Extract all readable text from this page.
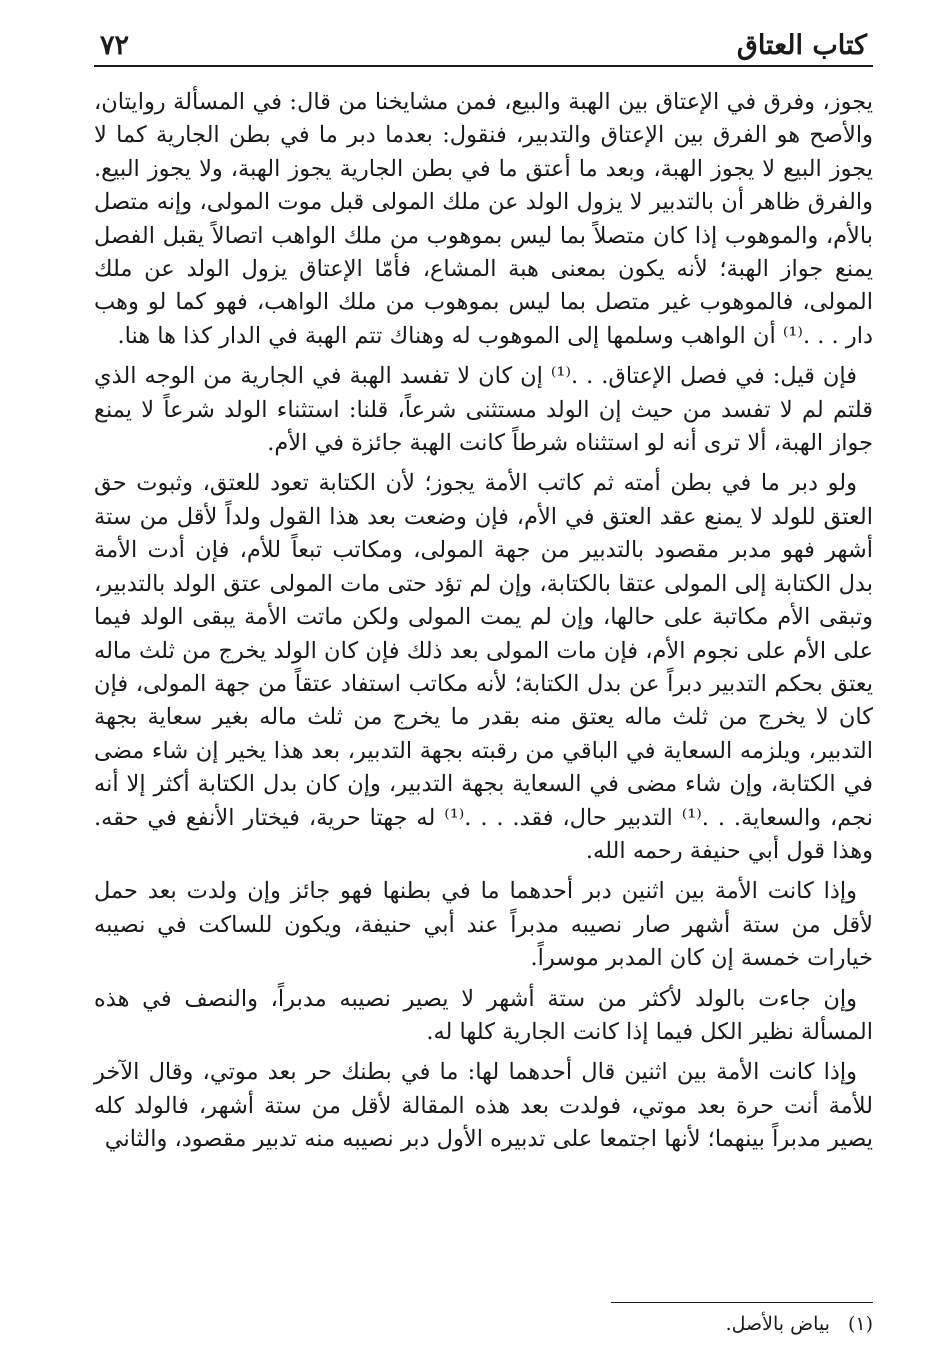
٧٢	كتاب العتاق

يجوز، وفرق في الإعتاق بين الهبة والبيع، فمن مشايخنا من قال: في المسألة روايتان، والأصح هو الفرق بين الإعتاق والتدبير، فنقول: بعدما دبر ما في بطن الجارية كما لا يجوز البيع لا يجوز الهبة، وبعد ما أعتق ما في بطن الجارية يجوز الهبة، ولا يجوز البيع. والفرق ظاهر أن بالتدبير لا يزول الولد عن ملك المولى قبل موت المولى، وإنه متصل بالأم، والموهوب إذا كان متصلاً بما ليس بموهوب من ملك الواهب اتصالاً يقبل الفصل يمنع جواز الهبة؛ لأنه يكون بمعنى هبة المشاع، فأمّا الإعتاق يزول الولد عن ملك المولى، فالموهوب غير متصل بما ليس بموهوب من ملك الواهب، فهو كما لو وهب دار . . .⁽¹⁾ أن الواهب وسلمها إلى الموهوب له وهناك تتم الهبة في الدار كذا ها هنا.

فإن قيل: في فصل الإعتاق. . .⁽¹⁾ إن كان لا تفسد الهبة في الجارية من الوجه الذي قلتم لم لا تفسد من حيث إن الولد مستثنى شرعاً، قلنا: استثناء الولد شرعاً لا يمنع جواز الهبة، ألا ترى أنه لو استثناه شرطاً كانت الهبة جائزة في الأم.

ولو دبر ما في بطن أمته ثم كاتب الأمة يجوز؛ لأن الكتابة تعود للعتق، وثبوت حق العتق للولد لا يمنع عقد العتق في الأم، فإن وضعت بعد هذا القول ولداً لأقل من ستة أشهر فهو مدبر مقصود بالتدبير من جهة المولى، ومكاتب تبعاً للأم، فإن أدت الأمة بدل الكتابة إلى المولى عتقا بالكتابة، وإن لم تؤد حتى مات المولى عتق الولد بالتدبير، وتبقى الأم مكاتبة على حالها، وإن لم يمت المولى ولكن ماتت الأمة يبقى الولد فيما على الأم على نجوم الأم، فإن مات المولى بعد ذلك فإن كان الولد يخرج من ثلث ماله يعتق بحكم التدبير دبراً عن بدل الكتابة؛ لأنه مكاتب استفاد عتقاً من جهة المولى، فإن كان لا يخرج من ثلث ماله يعتق منه بقدر ما يخرج من ثلث ماله بغير سعاية بجهة التدبير، ويلزمه السعاية في الباقي من رقبته بجهة التدبير، بعد هذا يخير إن شاء مضى في الكتابة، وإن شاء مضى في السعاية بجهة التدبير، وإن كان بدل الكتابة أكثر إلا أنه نجم، والسعاية. . .⁽¹⁾ التدبير حال، فقد. . . .⁽¹⁾ له جهتا حرية، فيختار الأنفع في حقه. وهذا قول أبي حنيفة رحمه الله.

وإذا كانت الأمة بين اثنين دبر أحدهما ما في بطنها فهو جائز وإن ولدت بعد حمل لأقل من ستة أشهر صار نصيبه مدبراً عند أبي حنيفة، ويكون للساكت في نصيبه خيارات خمسة إن كان المدبر موسراً.

وإن جاءت بالولد لأكثر من ستة أشهر لا يصير نصيبه مدبراً، والنصف في هذه المسألة نظير الكل فيما إذا كانت الجارية كلها له.

وإذا كانت الأمة بين اثنين قال أحدهما لها: ما في بطنك حر بعد موتي، وقال الآخر للأمة أنت حرة بعد موتي، فولدت بعد هذه المقالة لأقل من ستة أشهر، فالولد كله يصير مدبراً بينهما؛ لأنها اجتمعا على تدبيره الأول دبر نصيبه منه تدبير مقصود، والثاني

(١) بياض بالأصل.
